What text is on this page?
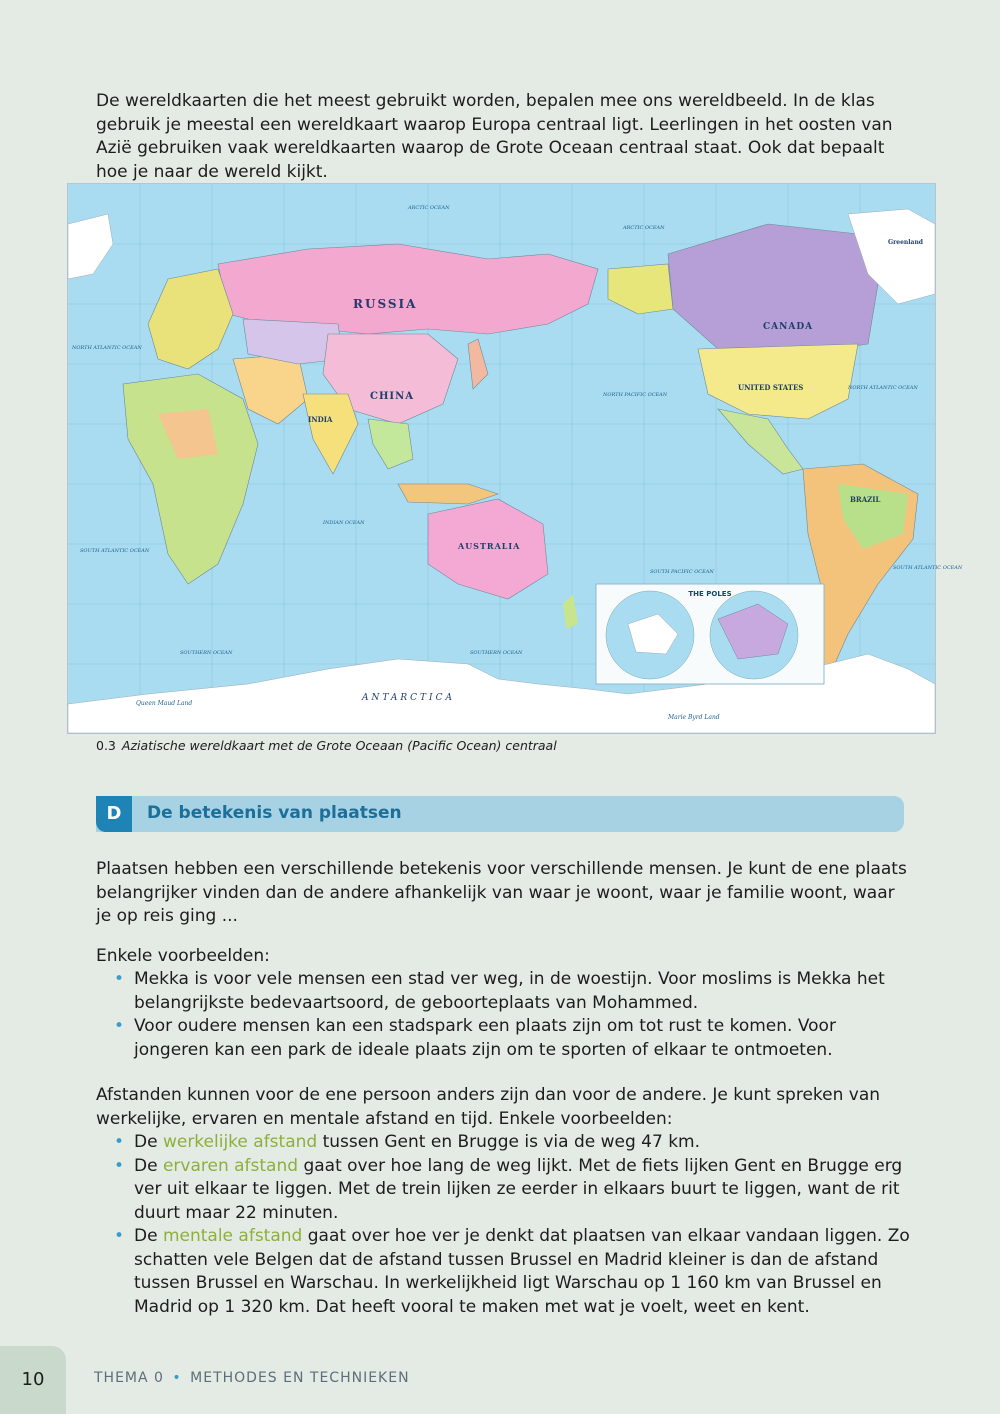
De wereldkaarten die het meest gebruikt worden, bepalen mee ons wereldbeeld. In de klas gebruik je meestal een wereldkaart waarop Europa centraal ligt. Leerlingen in het oosten van Azië gebruiken vaak wereldkaarten waarop de Grote Oceaan centraal staat. Ook dat bepaalt hoe je naar de wereld kijkt.

THE POLES
RUSSIA
CHINA
INDIA
AUSTRALIA
CANADA
UNITED STATES
BRAZIL
ANTARCTICA
Greenland
ARCTIC OCEAN
ARCTIC OCEAN
NORTH PACIFIC OCEAN
SOUTH PACIFIC OCEAN
INDIAN OCEAN
NORTH ATLANTIC OCEAN
NORTH ATLANTIC OCEAN
SOUTH ATLANTIC OCEAN
SOUTH ATLANTIC OCEAN
SOUTHERN OCEAN	SOUTHERN OCEAN
Queen Maud Land
Marie Byrd Land
0.3 Aziatische wereldkaart met de Grote Oceaan (Pacific Ocean) centraal
D	De betekenis van plaatsen

Plaatsen hebben een verschillende betekenis voor verschillende mensen. Je kunt de ene plaats belangrijker vinden dan de andere afhankelijk van waar je woont, waar je familie woont, waar je op reis ging ...

Enkele voorbeelden:

• Mekka is voor vele mensen een stad ver weg, in de woestijn. Voor moslims is Mekka het belangrijkste bedevaartsoord, de geboorteplaats van Mohammed.
• Voor oudere mensen kan een stadspark een plaats zijn om tot rust te komen. Voor jongeren kan een park de ideale plaats zijn om te sporten of elkaar te ontmoeten.

Afstanden kunnen voor de ene persoon anders zijn dan voor de andere. Je kunt spreken van werkelijke, ervaren en mentale afstand en tijd. Enkele voorbeelden:

• De werkelijke afstand tussen Gent en Brugge is via de weg 47 km.
• De ervaren afstand gaat over hoe lang de weg lijkt. Met de fiets lijken Gent en Brugge erg ver uit elkaar te liggen. Met de trein lijken ze eerder in elkaars buurt te liggen, want de rit duurt maar 22 minuten.
• De mentale afstand gaat over hoe ver je denkt dat plaatsen van elkaar vandaan liggen. Zo schatten vele Belgen dat de afstand tussen Brussel en Madrid kleiner is dan de afstand tussen Brussel en Warschau. In werkelijkheid ligt Warschau op 1 160 km van Brussel en Madrid op 1 320 km. Dat heeft vooral te maken met wat je voelt, weet en kent.
10	THEMA 0 • METHODES EN TECHNIEKEN
